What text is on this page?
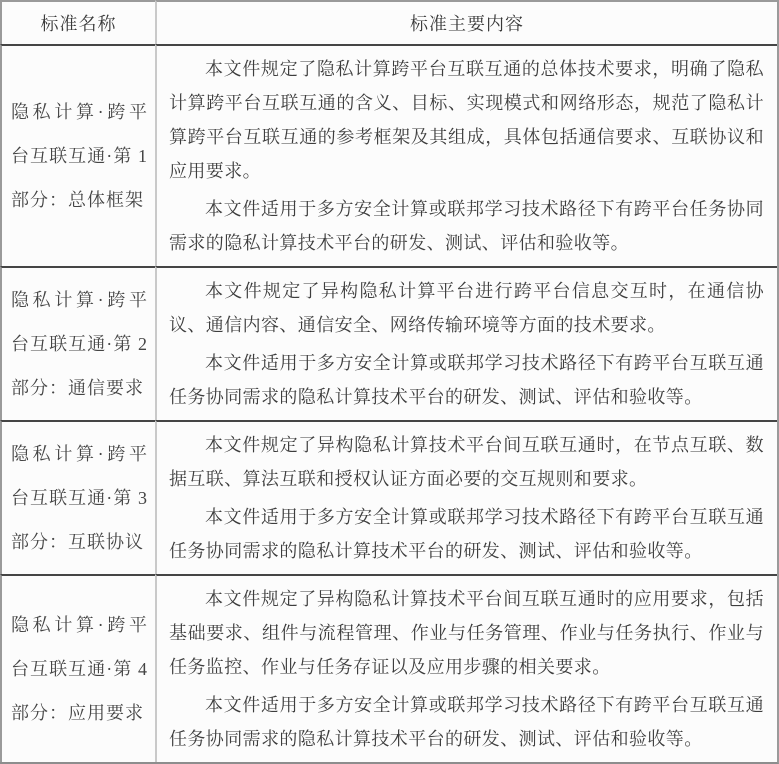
标准名称	标准主要内容
隐私计算·跨平台互联互通·第 1 部分：总体框架	本文件规定了隐私计算跨平台互联互通的总体技术要求，明确了隐私计算跨平台互联互通的含义、目标、实现模式和网络形态，规范了隐私计算跨平台互联互通的参考框架及其组成，具体包括通信要求、互联协议和应用要求。

本文件适用于多方安全计算或联邦学习技术路径下有跨平台任务协同需求的隐私计算技术平台的研发、测试、评估和验收等。

隐私计算·跨平台互联互通·第 2 部分：通信要求	本文件规定了异构隐私计算平台进行跨平台信息交互时，在通信协议、通信内容、通信安全、网络传输环境等方面的技术要求。

本文件适用于多方安全计算或联邦学习技术路径下有跨平台互联互通任务协同需求的隐私计算技术平台的研发、测试、评估和验收等。

隐私计算·跨平台互联互通·第 3 部分：互联协议	本文件规定了异构隐私计算技术平台间互联互通时，在节点互联、数据互联、算法互联和授权认证方面必要的交互规则和要求。

本文件适用于多方安全计算或联邦学习技术路径下有跨平台互联互通任务协同需求的隐私计算技术平台的研发、测试、评估和验收等。

隐私计算·跨平台互联互通·第 4 部分：应用要求	本文件规定了异构隐私计算技术平台间互联互通时的应用要求，包括基础要求、组件与流程管理、作业与任务管理、作业与任务执行、作业与任务监控、作业与任务存证以及应用步骤的相关要求。

本文件适用于多方安全计算或联邦学习技术路径下有跨平台互联互通任务协同需求的隐私计算技术平台的研发、测试、评估和验收等。
